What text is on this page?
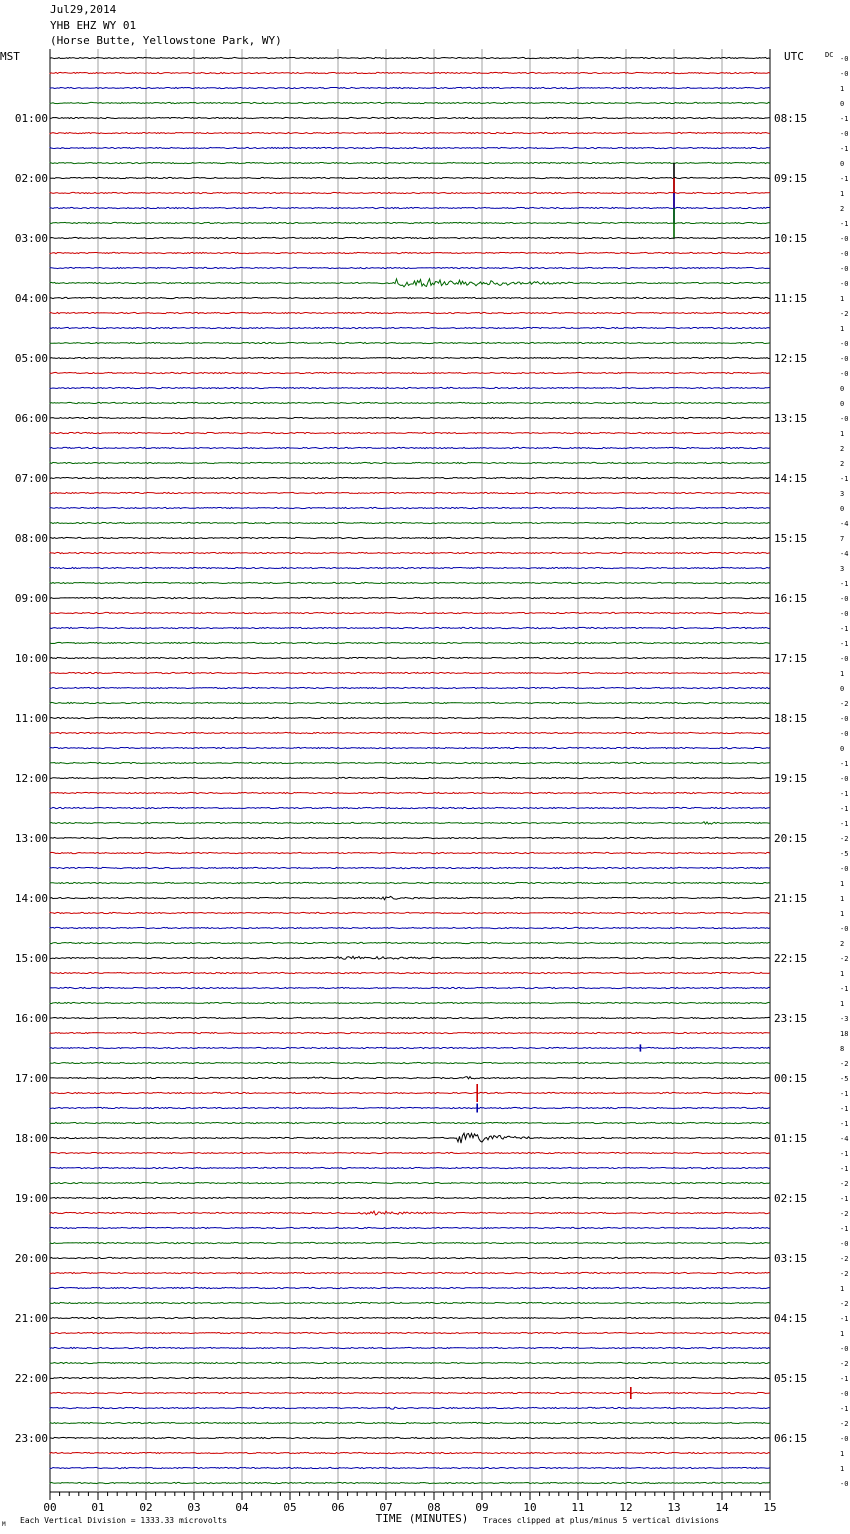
Jul29,2014
YHB EHZ WY 01
(Horse Butte, Yellowstone Park, WY)
00	01	02	03	04	05	06	07	08	09	10	11	12	13	14	15
-0
-0
1
0
-1
-0
-1
0
-1
1
2
-1
-0
-0
-0
-0
1
-2
1
-0
-0
-0
0
0
-0
1
2
2
-1
3
0
-4
7
-4
3
-1
-0
-0
-1
-1
-0
1
0
-2
-0
-0
0
-1
-0
-1
-1
-1
-2
-5
-0
1
1
1
-0
2
-2
1
-1
1
-3
18
8
-2
-5
-1
-1
-1
-4
-1
-1
-2
-1
-2
-1
-0
-2
-2
1
-2
-1
1
-0
-2
-1
-0
-1
-2
-0
1
1
-0
01:00
02:00
03:00
04:00
05:00
06:00
07:00
08:00
09:00
10:00
11:00
12:00
13:00
14:00
15:00
16:00
17:00
18:00
19:00
20:00
21:00
22:00
23:00
08:15
09:15
10:15
11:15
12:15
13:15
14:15
15:15
16:15
17:15
18:15
19:15
20:15
21:15
22:15
23:15
00:15
01:15
02:15
03:15
04:15
05:15
06:15
MST	UTC	DC
TIME (MINUTES)
Each Vertical Division = 1333.33 microvolts	Traces clipped at plus/minus 5 vertical divisions
M
